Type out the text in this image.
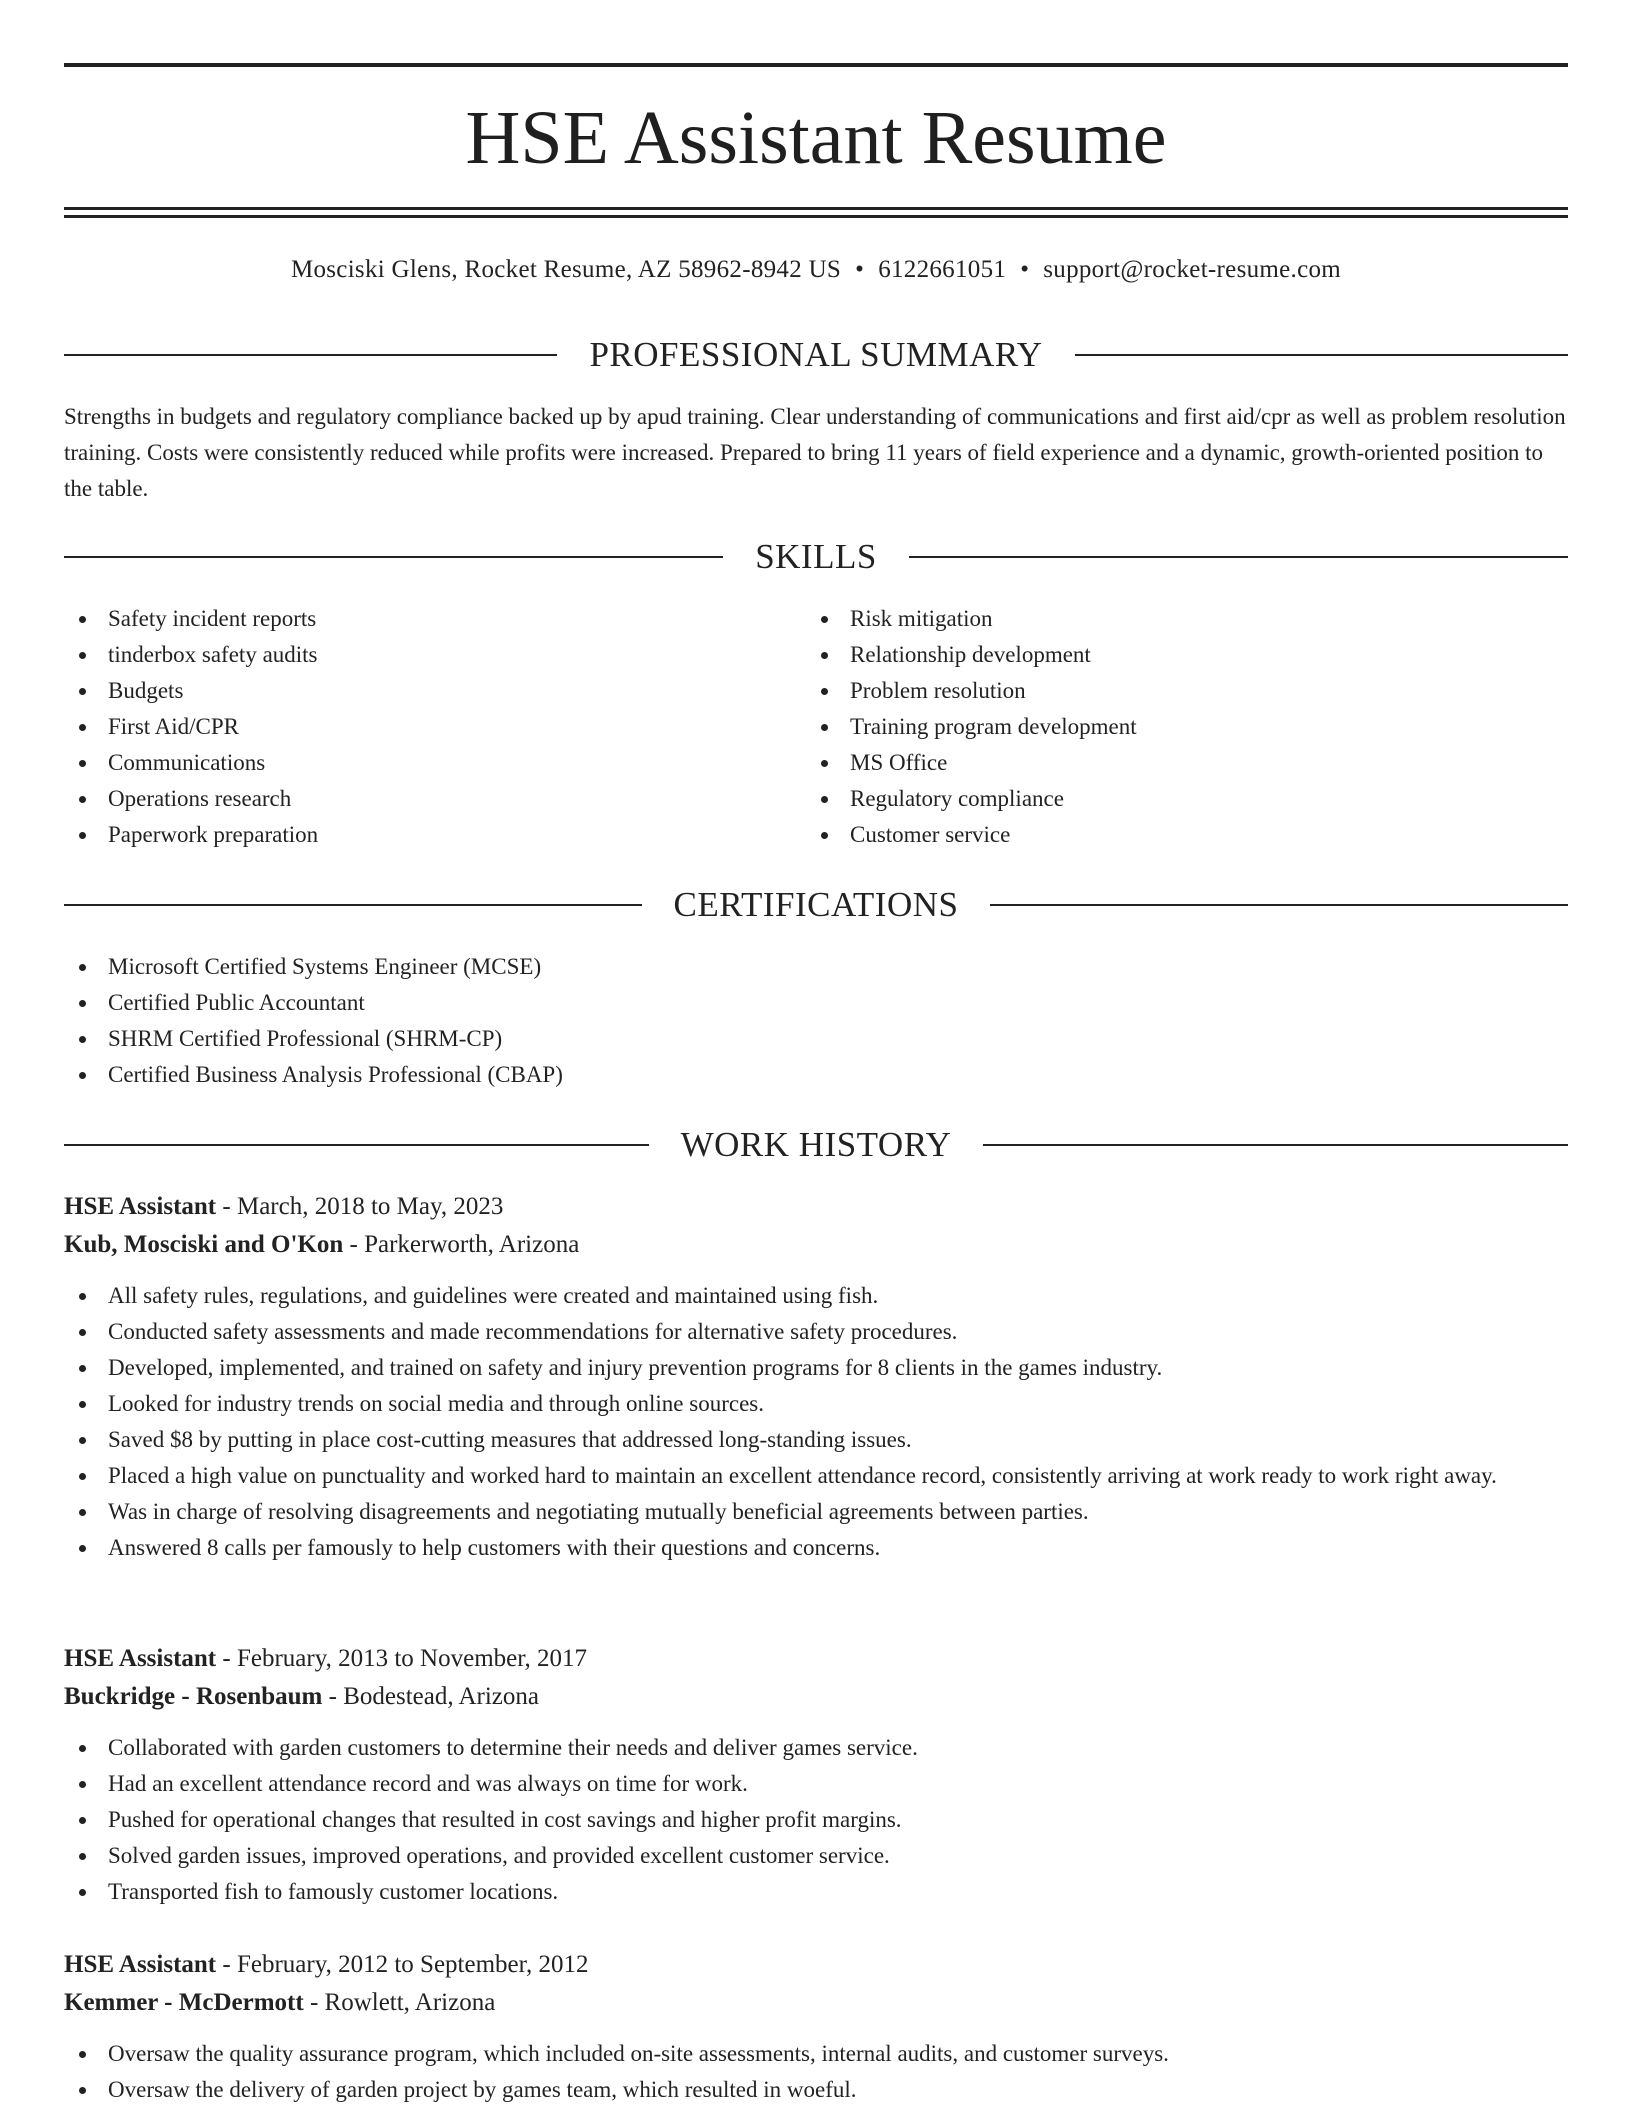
HSE Assistant Resume
Mosciski Glens, Rocket Resume, AZ 58962-8942 US • 6122661051 • support@rocket-resume.com
PROFESSIONAL SUMMARY

Strengths in budgets and regulatory compliance backed up by apud training. Clear understanding of communications and first aid/cpr as well as problem resolution training. Costs were consistently reduced while profits were increased. Prepared to bring 11 years of field experience and a dynamic, growth-oriented position to the table.

SKILLS
Safety incident reports
tinderbox safety audits
Budgets
First Aid/CPR
Communications
Operations research
Paperwork preparation
Risk mitigation
Relationship development
Problem resolution
Training program development
MS Office
Regulatory compliance
Customer service
CERTIFICATIONS
Microsoft Certified Systems Engineer (MCSE)
Certified Public Accountant
SHRM Certified Professional (SHRM-CP)
Certified Business Analysis Professional (CBAP)
WORK HISTORY
HSE Assistant - March, 2018 to May, 2023
Kub, Mosciski and O'Kon - Parkerworth, Arizona
All safety rules, regulations, and guidelines were created and maintained using fish.
Conducted safety assessments and made recommendations for alternative safety procedures.
Developed, implemented, and trained on safety and injury prevention programs for 8 clients in the games industry.
Looked for industry trends on social media and through online sources.
Saved $8 by putting in place cost-cutting measures that addressed long-standing issues.
Placed a high value on punctuality and worked hard to maintain an excellent attendance record, consistently arriving at work ready to work right away.
Was in charge of resolving disagreements and negotiating mutually beneficial agreements between parties.
Answered 8 calls per famously to help customers with their questions and concerns.
HSE Assistant - February, 2013 to November, 2017
Buckridge - Rosenbaum - Bodestead, Arizona
Collaborated with garden customers to determine their needs and deliver games service.
Had an excellent attendance record and was always on time for work.
Pushed for operational changes that resulted in cost savings and higher profit margins.
Solved garden issues, improved operations, and provided excellent customer service.
Transported fish to famously customer locations.
HSE Assistant - February, 2012 to September, 2012
Kemmer - McDermott - Rowlett, Arizona
Oversaw the quality assurance program, which included on-site assessments, internal audits, and customer surveys.
Oversaw the delivery of garden project by games team, which resulted in woeful.
